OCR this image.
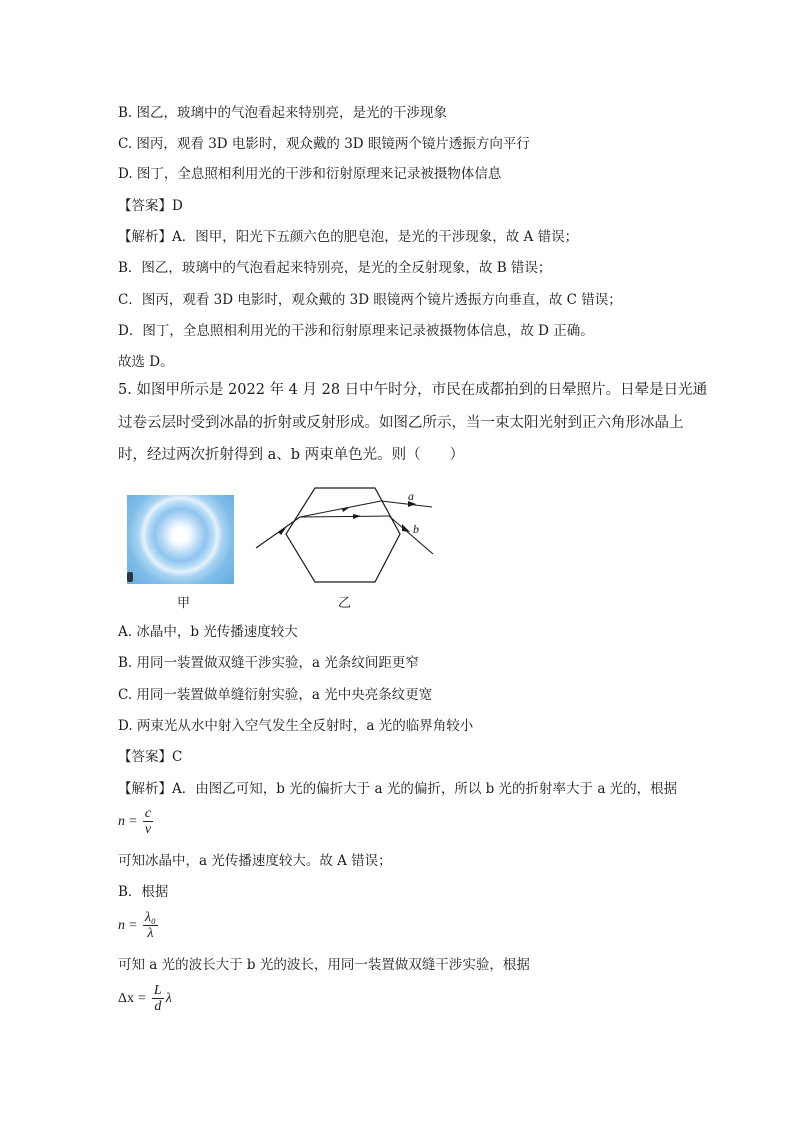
B. 图乙，玻璃中的气泡看起来特别亮，是光的干涉现象
C. 图丙，观看 3D 电影时，观众戴的 3D 眼镜两个镜片透振方向平行
D. 图丁，全息照相利用光的干涉和衍射原理来记录被摄物体信息
【答案】D
【解析】A．图甲，阳光下五颜六色的肥皂泡，是光的干涉现象，故 A 错误；
B．图乙，玻璃中的气泡看起来特别亮，是光的全反射现象，故 B 错误；
C．图丙，观看 3D 电影时，观众戴的 3D 眼镜两个镜片透振方向垂直，故 C 错误；
D．图丁，全息照相利用光的干涉和衍射原理来记录被摄物体信息，故 D 正确。
故选 D。
5. 如图甲所示是 2022 年 4 月 28 日中午时分，市民在成都拍到的日晕照片。日晕是日光通
过卷云层时受到冰晶的折射或反射形成。如图乙所示，当一束太阳光射到正六角形冰晶上
时，经过两次折射得到 a、b 两束单色光。则（　　）
甲
a
b
乙
A. 冰晶中，b 光传播速度较大
B. 用同一装置做双缝干涉实验，a 光条纹间距更窄
C. 用同一装置做单缝衍射实验，a 光中央亮条纹更宽
D. 两束光从水中射入空气发生全反射时，a 光的临界角较小
【答案】C
【解析】A．由图乙可知，b 光的偏折大于 a 光的偏折，所以 b 光的折射率大于 a 光的，根据
$n = \frac{c}{v}$
可知冰晶中，a 光传播速度较大。故 A 错误；
B．根据
$n = \frac{\text{λ₀}}{\lambda}$
可知 a 光的波长大于 b 光的波长，用同一装置做双缝干涉实验，根据
$\Delta x = \frac{L}{d}$ λ
